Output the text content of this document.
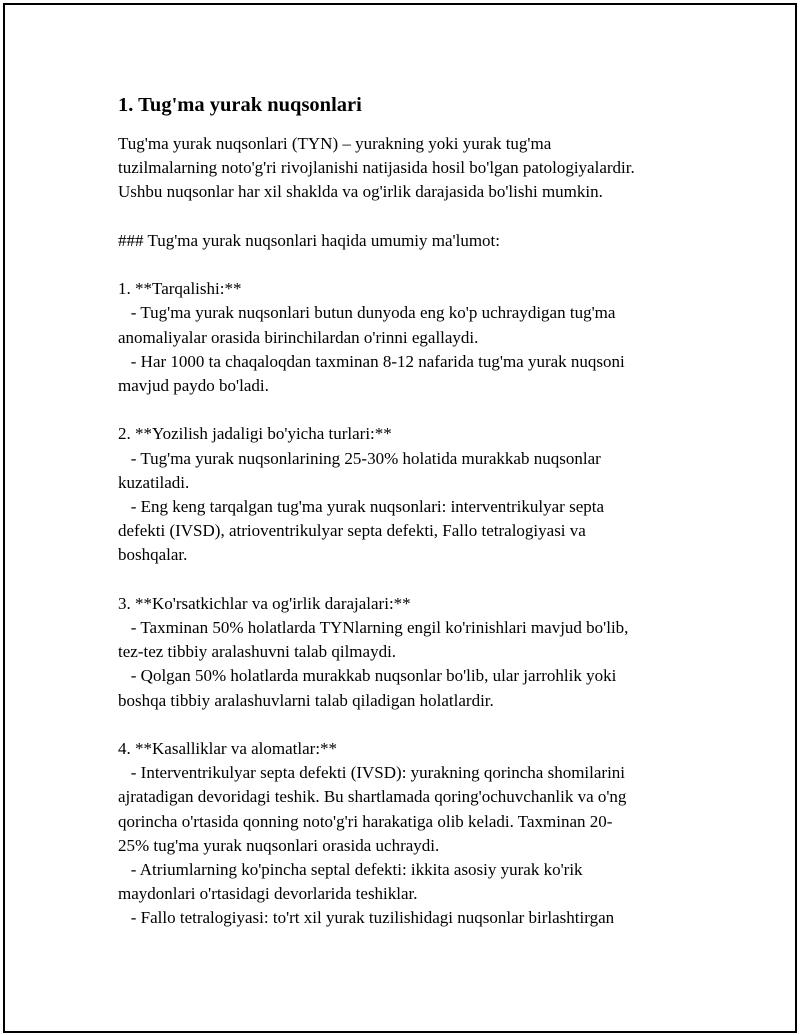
1. Tug'ma yurak nuqsonlari
Tug'ma yurak nuqsonlari (TYN) – yurakning yoki yurak tug'ma
tuzilmalarning noto'g'ri rivojlanishi natijasida hosil bo'lgan patologiyalardir.
Ushbu nuqsonlar har xil shaklda va og'irlik darajasida bo'lishi mumkin.
### Tug'ma yurak nuqsonlari haqida umumiy ma'lumot:
1. **Tarqalishi:**
- Tug'ma yurak nuqsonlari butun dunyoda eng ko'p uchraydigan tug'ma
anomaliyalar orasida birinchilardan o'rinni egallaydi.
- Har 1000 ta chaqaloqdan taxminan 8-12 nafarida tug'ma yurak nuqsoni
mavjud paydo bo'ladi.
2. **Yozilish jadaligi bo'yicha turlari:**
- Tug'ma yurak nuqsonlarining 25-30% holatida murakkab nuqsonlar
kuzatiladi.
- Eng keng tarqalgan tug'ma yurak nuqsonlari: interventrikulyar septa
defekti (IVSD), atrioventrikulyar septa defekti, Fallo tetralogiyasi va
boshqalar.
3. **Ko'rsatkichlar va og'irlik darajalari:**
- Taxminan 50% holatlarda TYNlarning engil ko'rinishlari mavjud bo'lib,
tez-tez tibbiy aralashuvni talab qilmaydi.
- Qolgan 50% holatlarda murakkab nuqsonlar bo'lib, ular jarrohlik yoki
boshqa tibbiy aralashuvlarni talab qiladigan holatlardir.
4. **Kasalliklar va alomatlar:**
- Interventrikulyar septa defekti (IVSD): yurakning qorincha shomilarini
ajratadigan devoridagi teshik. Bu shartlamada qoring'ochuvchanlik va o'ng
qorincha o'rtasida qonning noto'g'ri harakatiga olib keladi. Taxminan 20-
25% tug'ma yurak nuqsonlari orasida uchraydi.
- Atriumlarning ko'pincha septal defekti: ikkita asosiy yurak ko'rik
maydonlari o'rtasidagi devorlarida teshiklar.
- Fallo tetralogiyasi: to'rt xil yurak tuzilishidagi nuqsonlar birlashtirgan
